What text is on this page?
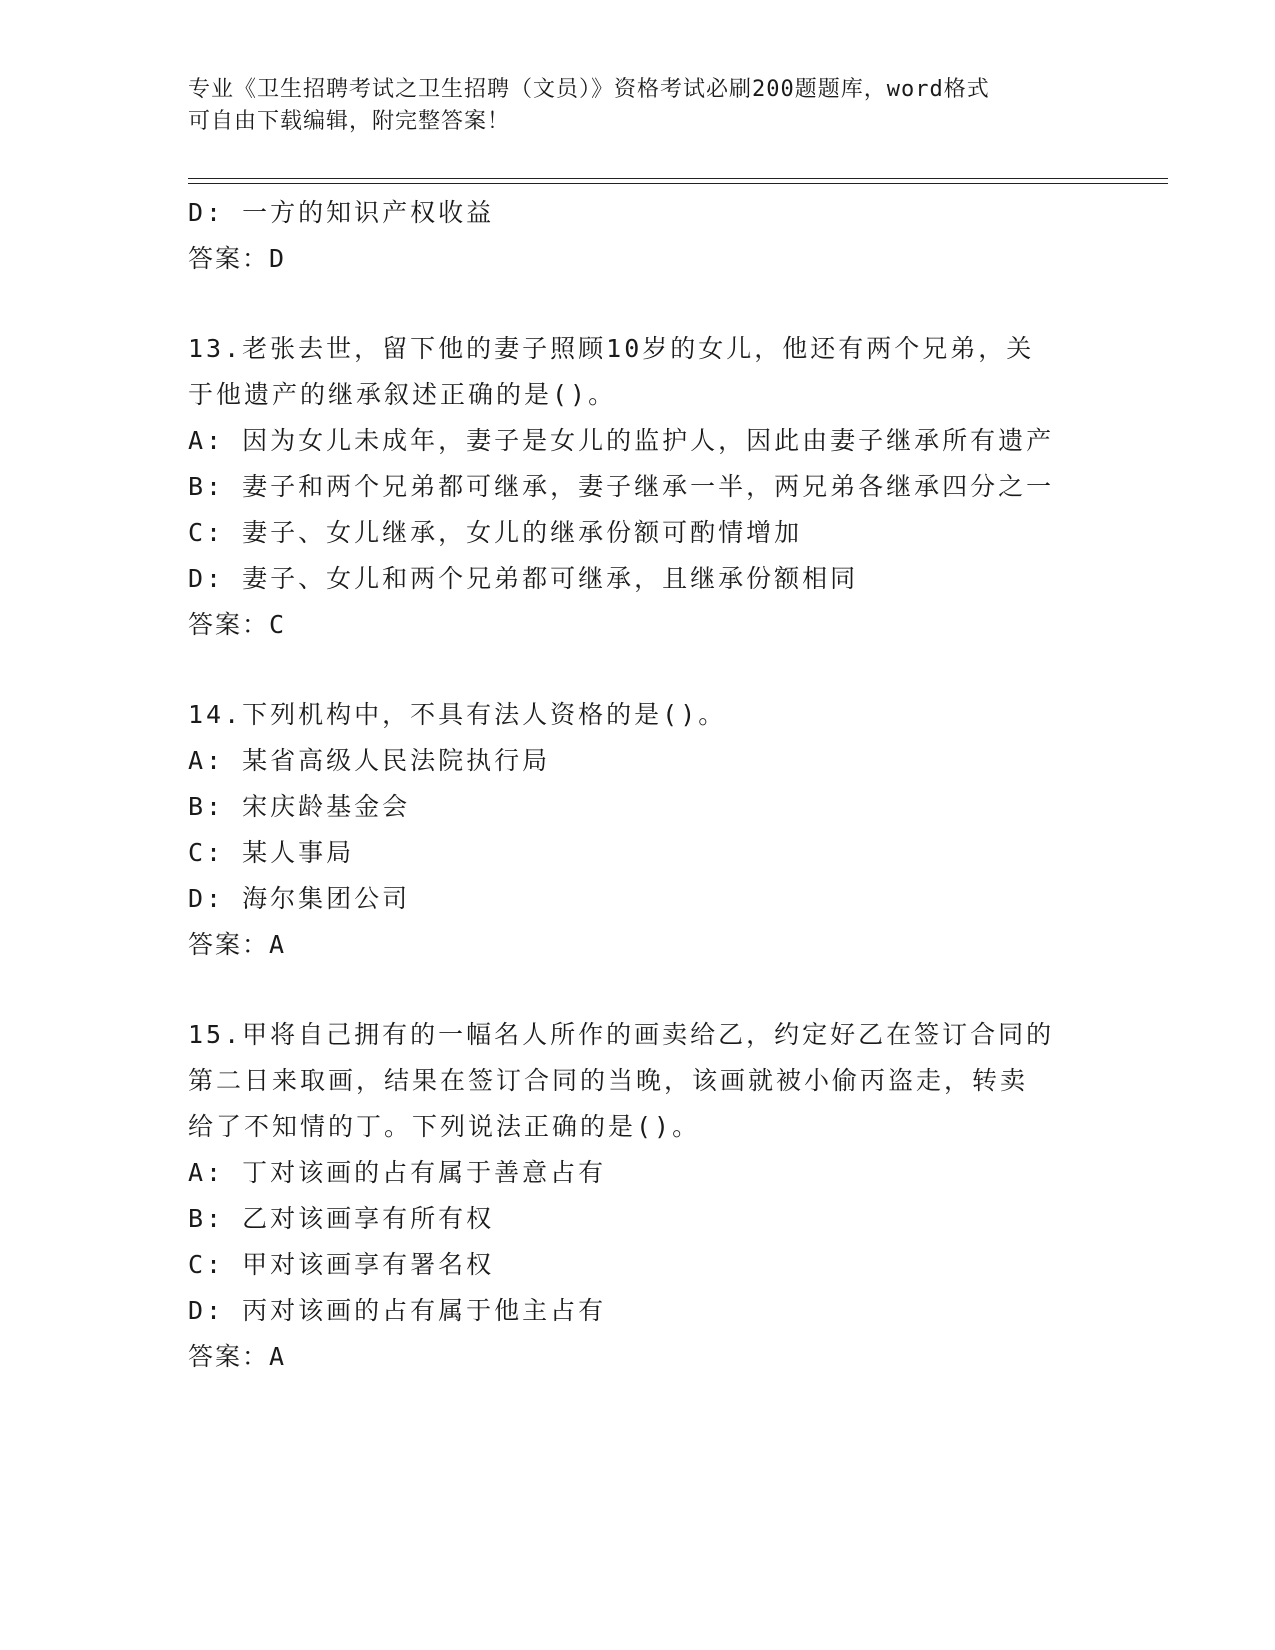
专业《卫生招聘考试之卫生招聘（文员）》资格考试必刷200题题库，word格式
可自由下载编辑，附完整答案！
D: 一方的知识产权收益
答案：D
13.老张去世，留下他的妻子照顾10岁的女儿，他还有两个兄弟，关
于他遗产的继承叙述正确的是()。
A: 因为女儿未成年，妻子是女儿的监护人，因此由妻子继承所有遗产
B: 妻子和两个兄弟都可继承，妻子继承一半，两兄弟各继承四分之一
C: 妻子、女儿继承，女儿的继承份额可酌情增加
D: 妻子、女儿和两个兄弟都可继承，且继承份额相同
答案：C
14.下列机构中，不具有法人资格的是()。
A: 某省高级人民法院执行局
B: 宋庆龄基金会
C: 某人事局
D: 海尔集团公司
答案：A
15.甲将自己拥有的一幅名人所作的画卖给乙，约定好乙在签订合同的
第二日来取画，结果在签订合同的当晚，该画就被小偷丙盗走，转卖
给了不知情的丁。下列说法正确的是()。
A: 丁对该画的占有属于善意占有
B: 乙对该画享有所有权
C: 甲对该画享有署名权
D: 丙对该画的占有属于他主占有
答案：A
